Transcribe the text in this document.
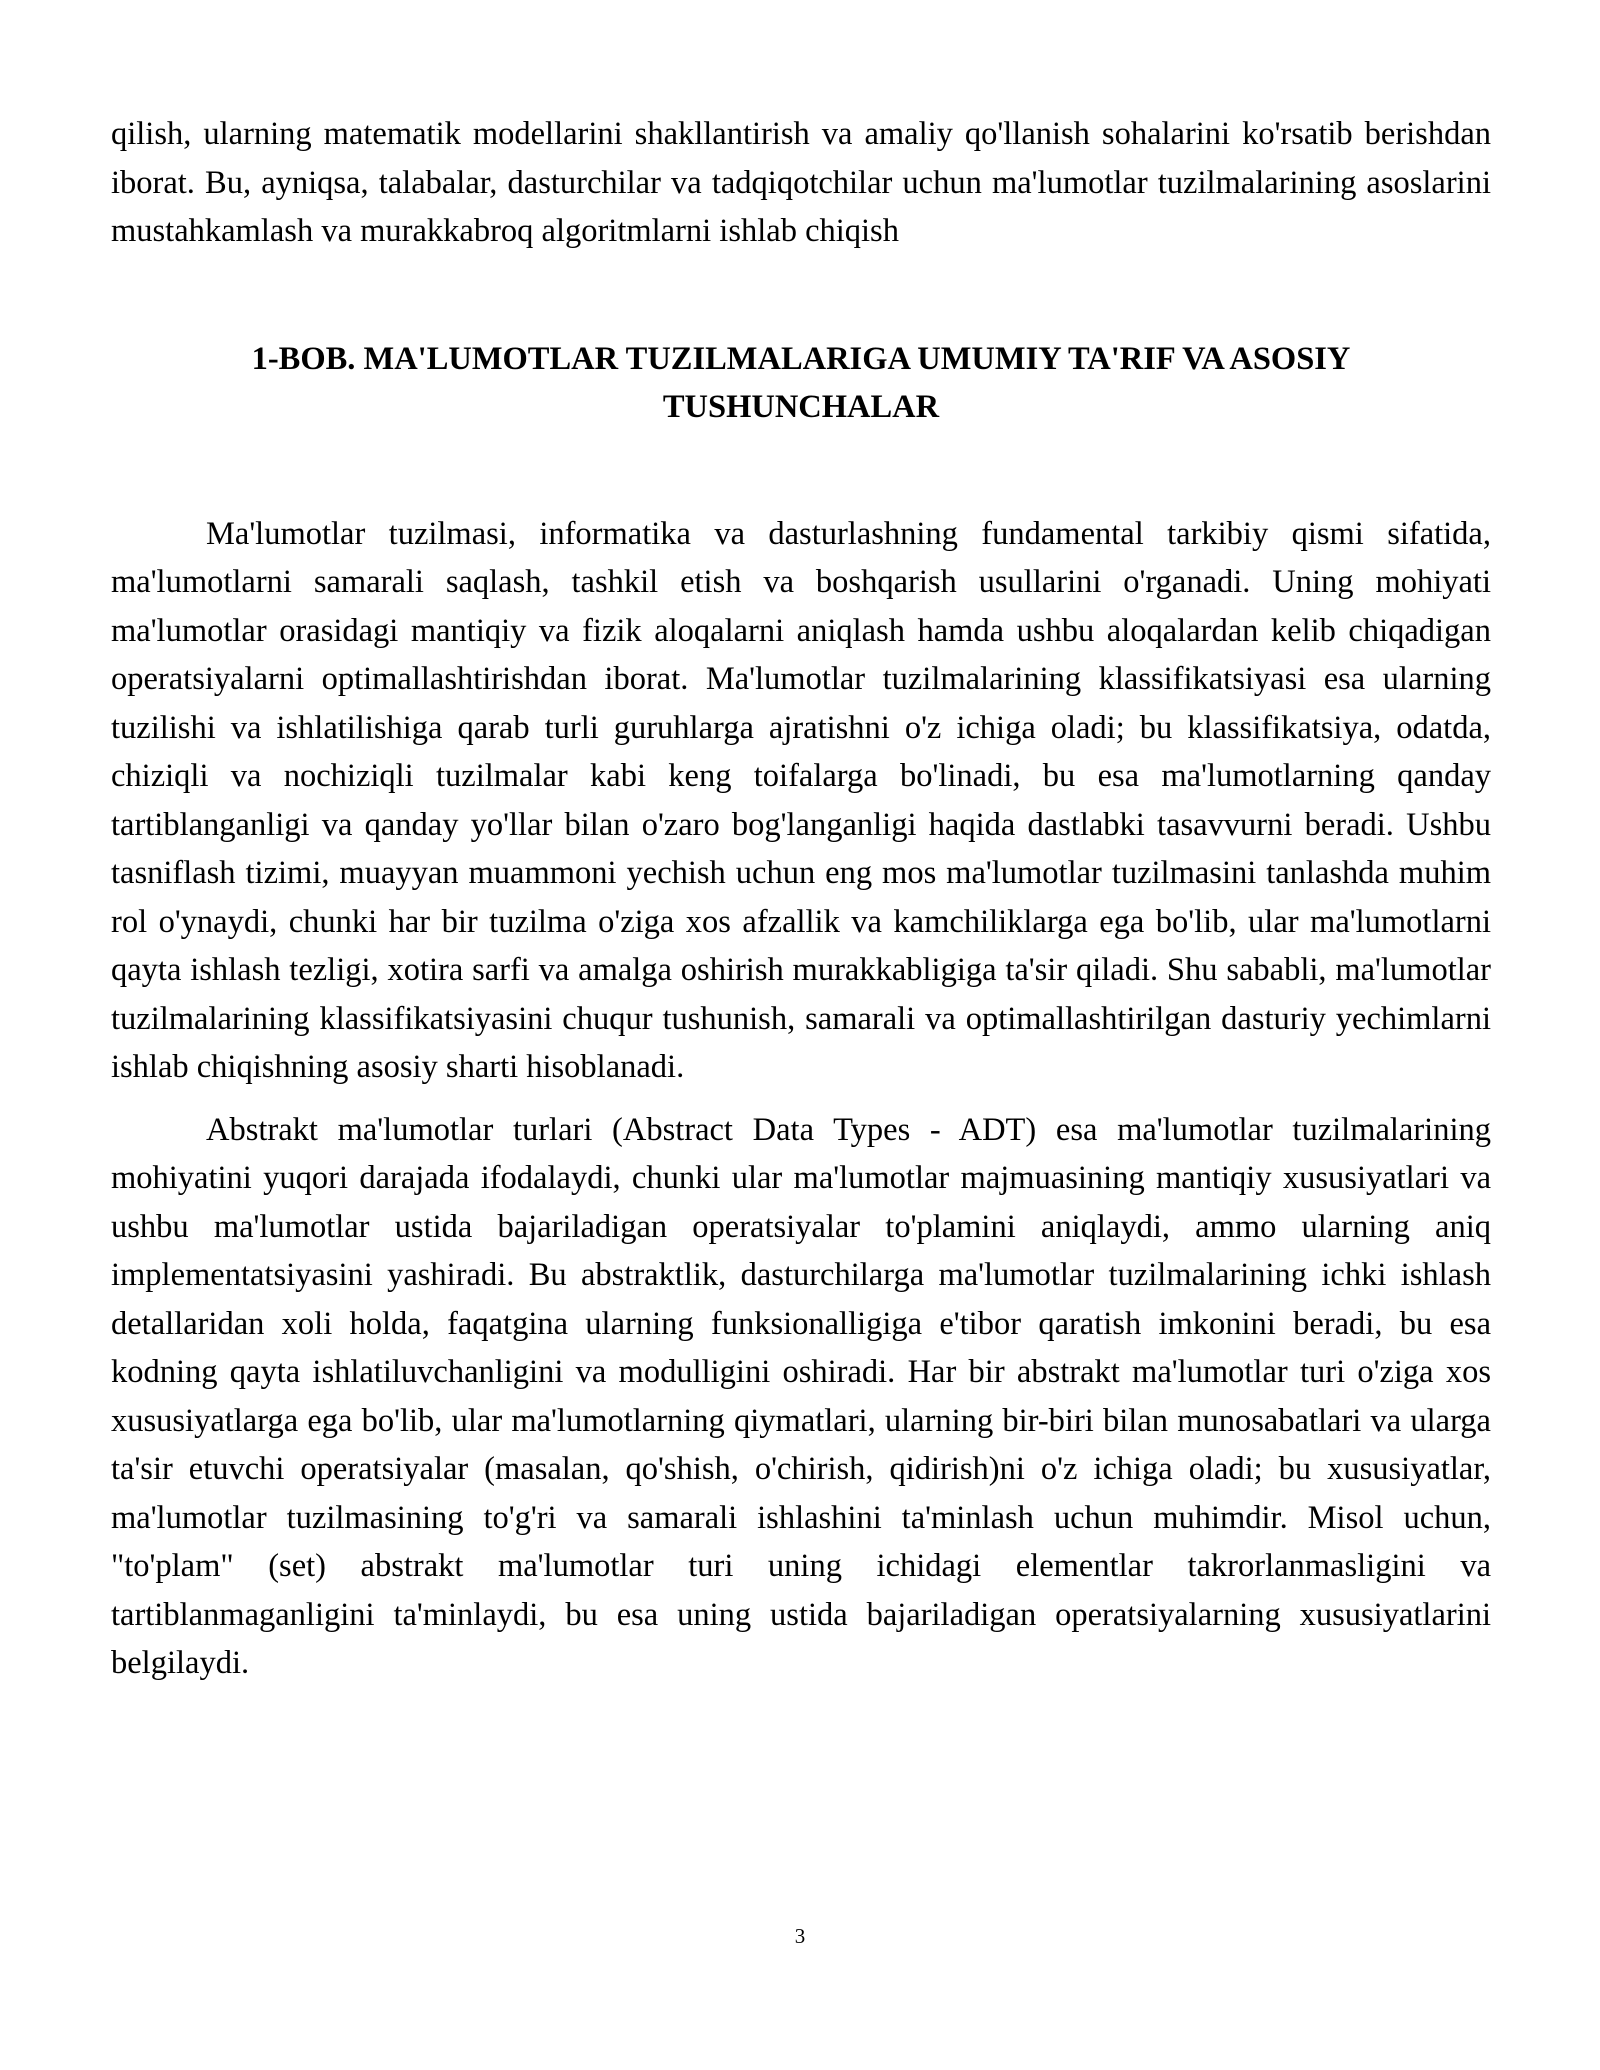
qilish, ularning matematik modellarini shakllantirish va amaliy qo'llanish sohalarini ko'rsatib berishdan iborat. Bu, ayniqsa, talabalar, dasturchilar va tadqiqotchilar uchun ma'lumotlar tuzilmalarining asoslarini mustahkamlash va murakkabroq algoritmlarni ishlab chiqish

1-BOB. MA'LUMOTLAR TUZILMALARIGA UMUMIY TA'RIF VA ASOSIY TUSHUNCHALAR

Ma'lumotlar tuzilmasi, informatika va dasturlashning fundamental tarkibiy qismi sifatida, ma'lumotlarni samarali saqlash, tashkil etish va boshqarish usullarini o'rganadi. Uning mohiyati ma'lumotlar orasidagi mantiqiy va fizik aloqalarni aniqlash hamda ushbu aloqalardan kelib chiqadigan operatsiyalarni optimallashtirishdan iborat. Ma'lumotlar tuzilmalarining klassifikatsiyasi esa ularning tuzilishi va ishlatilishiga qarab turli guruhlarga ajratishni o'z ichiga oladi; bu klassifikatsiya, odatda, chiziqli va nochiziqli tuzilmalar kabi keng toifalarga bo'linadi, bu esa ma'lumotlarning qanday tartiblanganligi va qanday yo'llar bilan o'zaro bog'langanligi haqida dastlabki tasavvurni beradi. Ushbu tasniflash tizimi, muayyan muammoni yechish uchun eng mos ma'lumotlar tuzilmasini tanlashda muhim rol o'ynaydi, chunki har bir tuzilma o'ziga xos afzallik va kamchiliklarga ega bo'lib, ular ma'lumotlarni qayta ishlash tezligi, xotira sarfi va amalga oshirish murakkabligiga ta'sir qiladi. Shu sababli, ma'lumotlar tuzilmalarining klassifikatsiyasini chuqur tushunish, samarali va optimallashtirilgan dasturiy yechimlarni ishlab chiqishning asosiy sharti hisoblanadi.

Abstrakt ma'lumotlar turlari (Abstract Data Types - ADT) esa ma'lumotlar tuzilmalarining mohiyatini yuqori darajada ifodalaydi, chunki ular ma'lumotlar majmuasining mantiqiy xususiyatlari va ushbu ma'lumotlar ustida bajariladigan operatsiyalar to'plamini aniqlaydi, ammo ularning aniq implementatsiyasini yashiradi. Bu abstraktlik, dasturchilarga ma'lumotlar tuzilmalarining ichki ishlash detallaridan xoli holda, faqatgina ularning funksionalligiga e'tibor qaratish imkonini beradi, bu esa kodning qayta ishlatiluvchanligini va modulligini oshiradi. Har bir abstrakt ma'lumotlar turi o'ziga xos xususiyatlarga ega bo'lib, ular ma'lumotlarning qiymatlari, ularning bir-biri bilan munosabatlari va ularga ta'sir etuvchi operatsiyalar (masalan, qo'shish, o'chirish, qidirish)ni o'z ichiga oladi; bu xususiyatlar, ma'lumotlar tuzilmasining to'g'ri va samarali ishlashini ta'minlash uchun muhimdir. Misol uchun, "to'plam" (set) abstrakt ma'lumotlar turi uning ichidagi elementlar takrorlanmasligini va tartiblanmaganligini ta'minlaydi, bu esa uning ustida bajariladigan operatsiyalarning xususiyatlarini belgilaydi.

3
